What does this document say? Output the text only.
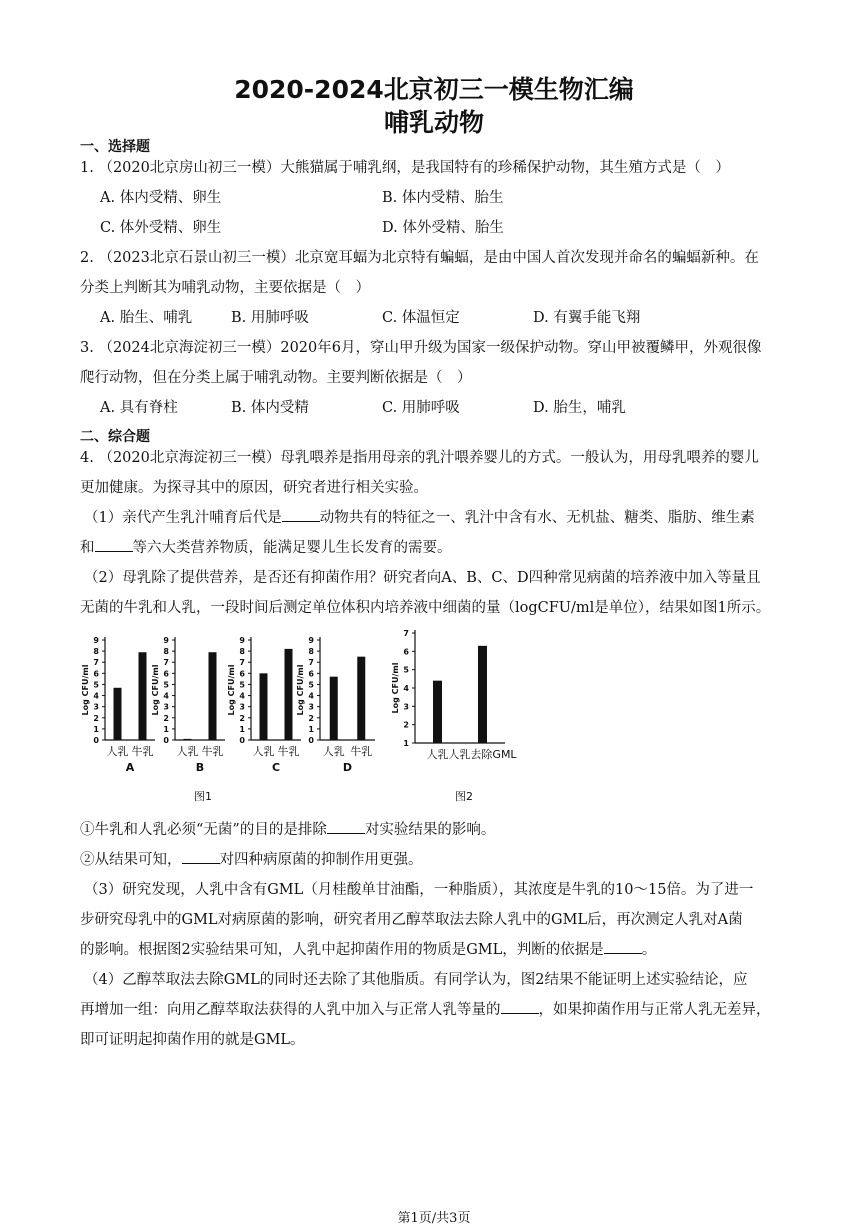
2020-2024北京初三一模生物汇编
哺乳动物
一、选择题
1. （2020北京房山初三一模）大熊猫属于哺乳纲，是我国特有的珍稀保护动物，其生殖方式是（　）
A. 体内受精、卵生	B. 体内受精、胎生
C. 体外受精、卵生	D. 体外受精、胎生
2. （2023北京石景山初三一模）北京宽耳蝠为北京特有蝙蝠，是由中国人首次发现并命名的蝙蝠新种。在
分类上判断其为哺乳动物，主要依据是（　）
A. 胎生、哺乳	B. 用肺呼吸	C. 体温恒定	D. 有翼手能飞翔
3. （2024北京海淀初三一模）2020年6月，穿山甲升级为国家一级保护动物。穿山甲被覆鳞甲，外观很像
爬行动物，但在分类上属于哺乳动物。主要判断依据是（　）
A. 具有脊柱	B. 体内受精	C. 用肺呼吸	D. 胎生，哺乳
二、综合题
4. （2020北京海淀初三一模）母乳喂养是指用母亲的乳汁喂养婴儿的方式。一般认为，用母乳喂养的婴儿
更加健康。为探寻其中的原因，研究者进行相关实验。
（1）亲代产生乳汁哺育后代是	动物共有的特征之一、乳汁中含有水、无机盐、糖类、脂肪、维生素
和	等六大类营养物质，能满足婴儿生长发育的需要。
（2）母乳除了提供营养，是否还有抑菌作用？研究者向A、B、C、D四种常见病菌的培养液中加入等量且
无菌的牛乳和人乳，一段时间后测定单位体积内培养液中细菌的量（logCFU/ml是单位），结果如图1所示。
0
1
2
3
4
5
6
7
8
9
Log CFU/ml
人乳 牛乳
A
0
1
2
3
4
5
6
7
8
9
Log CFU/ml
人乳 牛乳
B
0
1
2
3
4
5
6
7
8
9
Log CFU/ml
人乳 牛乳
C
0
1
2
3
4
5
6
7
8
9
Log CFU/ml
人乳 牛乳
D
1
2
3
4
5
6
7
Log CFU/ml
人乳 人乳去除GML
图1	图2
①牛乳和人乳必须“无菌”的目的是排除	对实验结果的影响。
②从结果可知，	对四种病原菌的抑制作用更强。
（3）研究发现，人乳中含有GML（月桂酸单甘油酯，一种脂质），其浓度是牛乳的10～15倍。为了进一
步研究母乳中的GML对病原菌的影响，研究者用乙醇萃取法去除人乳中的GML后，再次测定人乳对A菌
的影响。根据图2实验结果可知，人乳中起抑菌作用的物质是GML，判断的依据是	。
（4）乙醇萃取法去除GML的同时还去除了其他脂质。有同学认为，图2结果不能证明上述实验结论，应
再增加一组：向用乙醇萃取法获得的人乳中加入与正常人乳等量的	，如果抑菌作用与正常人乳无差异，
即可证明起抑菌作用的就是GML。
第1页/共3页
